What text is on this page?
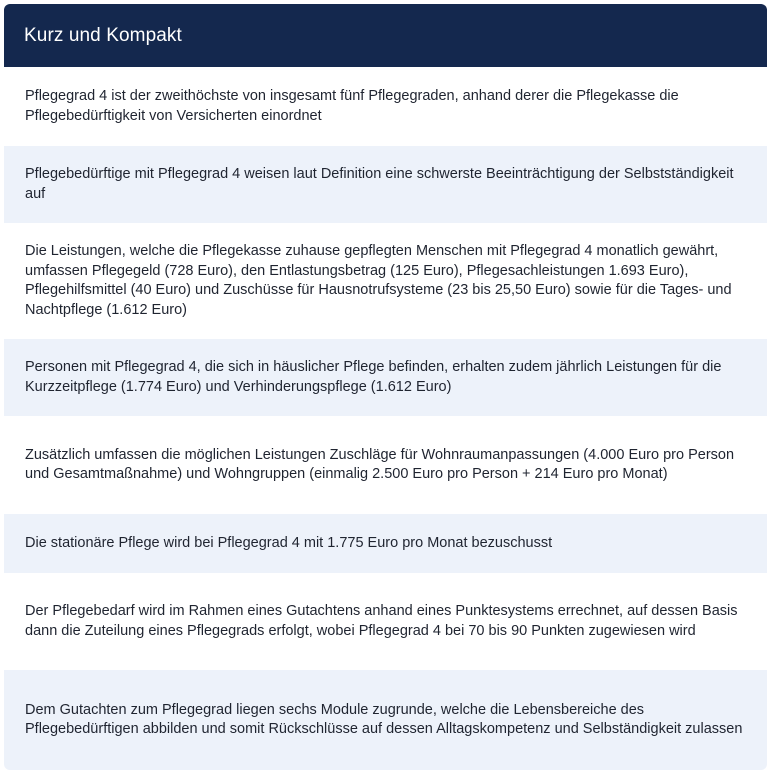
Kurz und Kompakt

Pflegegrad 4 ist der zweithöchste von insgesamt fünf Pflegegraden, anhand derer die Pflegekasse die Pflegebedürftigkeit von Versicherten einordnet

Pflegebedürftige mit Pflegegrad 4 weisen laut Definition eine schwerste Beeinträchtigung der Selbstständigkeit auf

Die Leistungen, welche die Pflegekasse zuhause gepflegten Menschen mit Pflegegrad 4 monatlich gewährt, umfassen Pflegegeld (728 Euro), den Entlastungsbetrag (125 Euro), Pflegesachleistungen 1.693 Euro), Pflegehilfsmittel (40 Euro) und Zuschüsse für Hausnotrufsysteme (23 bis 25,50 Euro) sowie für die Tages- und Nachtpflege (1.612 Euro)

Personen mit Pflegegrad 4, die sich in häuslicher Pflege befinden, erhalten zudem jährlich Leistungen für die Kurzzeitpflege (1.774 Euro) und Verhinderungspflege (1.612 Euro)

Zusätzlich umfassen die möglichen Leistungen Zuschläge für Wohnraumanpassungen (4.000 Euro pro Person und Gesamtmaßnahme) und Wohngruppen (einmalig 2.500 Euro pro Person + 214 Euro pro Monat)

Die stationäre Pflege wird bei Pflegegrad 4 mit 1.775 Euro pro Monat bezuschusst

Der Pflegebedarf wird im Rahmen eines Gutachtens anhand eines Punktesystems errechnet, auf dessen Basis dann die Zuteilung eines Pflegegrads erfolgt, wobei Pflegegrad 4 bei 70 bis 90 Punkten zugewiesen wird

Dem Gutachten zum Pflegegrad liegen sechs Module zugrunde, welche die Lebensbereiche des Pflegebedürftigen abbilden und somit Rückschlüsse auf dessen Alltagskompetenz und Selbständigkeit zulassen
